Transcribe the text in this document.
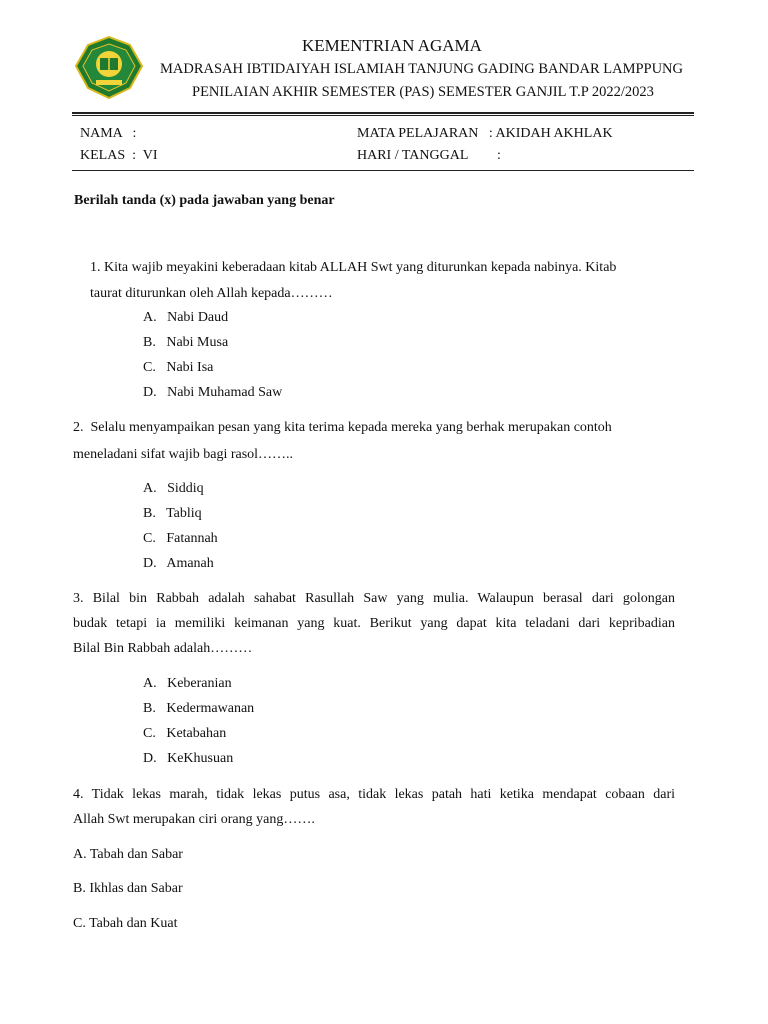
KEMENTRIAN AGAMA
MADRASAH IBTIDAIYAH ISLAMIAH TANJUNG GADING BANDAR LAMPPUNG
PENILAIAN AKHIR SEMESTER (PAS) SEMESTER GANJIL T.P 2022/2023
NAMA   :
KELAS  :  VI
MATA PELAJARAN   : AKIDAH AKHLAK
HARI / TANGGAL :
Berilah tanda (x) pada jawaban yang benar
1. Kita wajib meyakini keberadaan kitab ALLAH Swt yang diturunkan kepada nabinya. Kitab
taurat diturunkan oleh Allah kepada………
A.   Nabi Daud
B.   Nabi Musa
C.   Nabi Isa
D.   Nabi Muhamad Saw
2.  Selalu menyampaikan pesan yang kita terima kepada mereka yang berhak merupakan contoh
meneladani sifat wajib bagi rasol……..
A.   Siddiq
B.   Tabliq
C.   Fatannah
D.   Amanah
3. Bilal bin Rabbah adalah sahabat Rasullah Saw yang mulia. Walaupun berasal dari golongan
budak tetapi ia memiliki keimanan yang kuat. Berikut yang dapat kita teladani dari kepribadian
Bilal Bin Rabbah adalah………
A.   Keberanian
B.   Kedermawanan
C.   Ketabahan
D.   KeKhusuan
4. Tidak lekas marah, tidak lekas putus asa, tidak lekas patah hati ketika mendapat cobaan dari
Allah Swt merupakan ciri orang yang…….
A. Tabah dan Sabar
B. Ikhlas dan Sabar
C. Tabah dan Kuat
